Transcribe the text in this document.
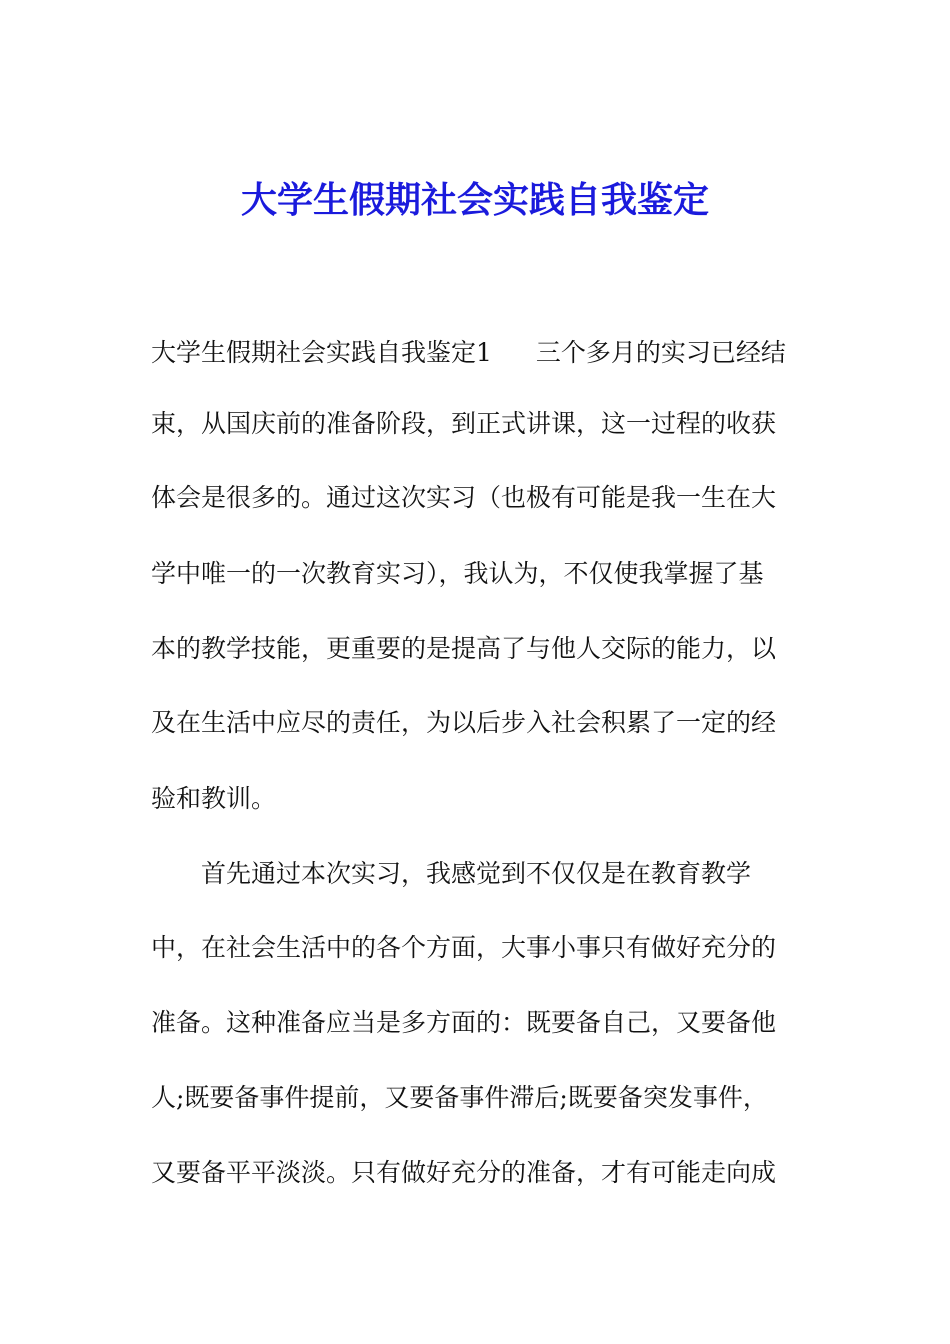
大学生假期社会实践自我鉴定
大学生假期社会实践自我鉴定1 三个多月的实习已经结
束，从国庆前的准备阶段，到正式讲课，这一过程的收获
体会是很多的。通过这次实习（也极有可能是我一生在大
学中唯一的一次教育实习），我认为，不仅使我掌握了基
本的教学技能，更重要的是提高了与他人交际的能力，以
及在生活中应尽的责任，为以后步入社会积累了一定的经
验和教训。
首先通过本次实习，我感觉到不仅仅是在教育教学
中，在社会生活中的各个方面，大事小事只有做好充分的
准备。这种准备应当是多方面的：既要备自己，又要备他
人;既要备事件提前，又要备事件滞后;既要备突发事件，
又要备平平淡淡。只有做好充分的准备，才有可能走向成
